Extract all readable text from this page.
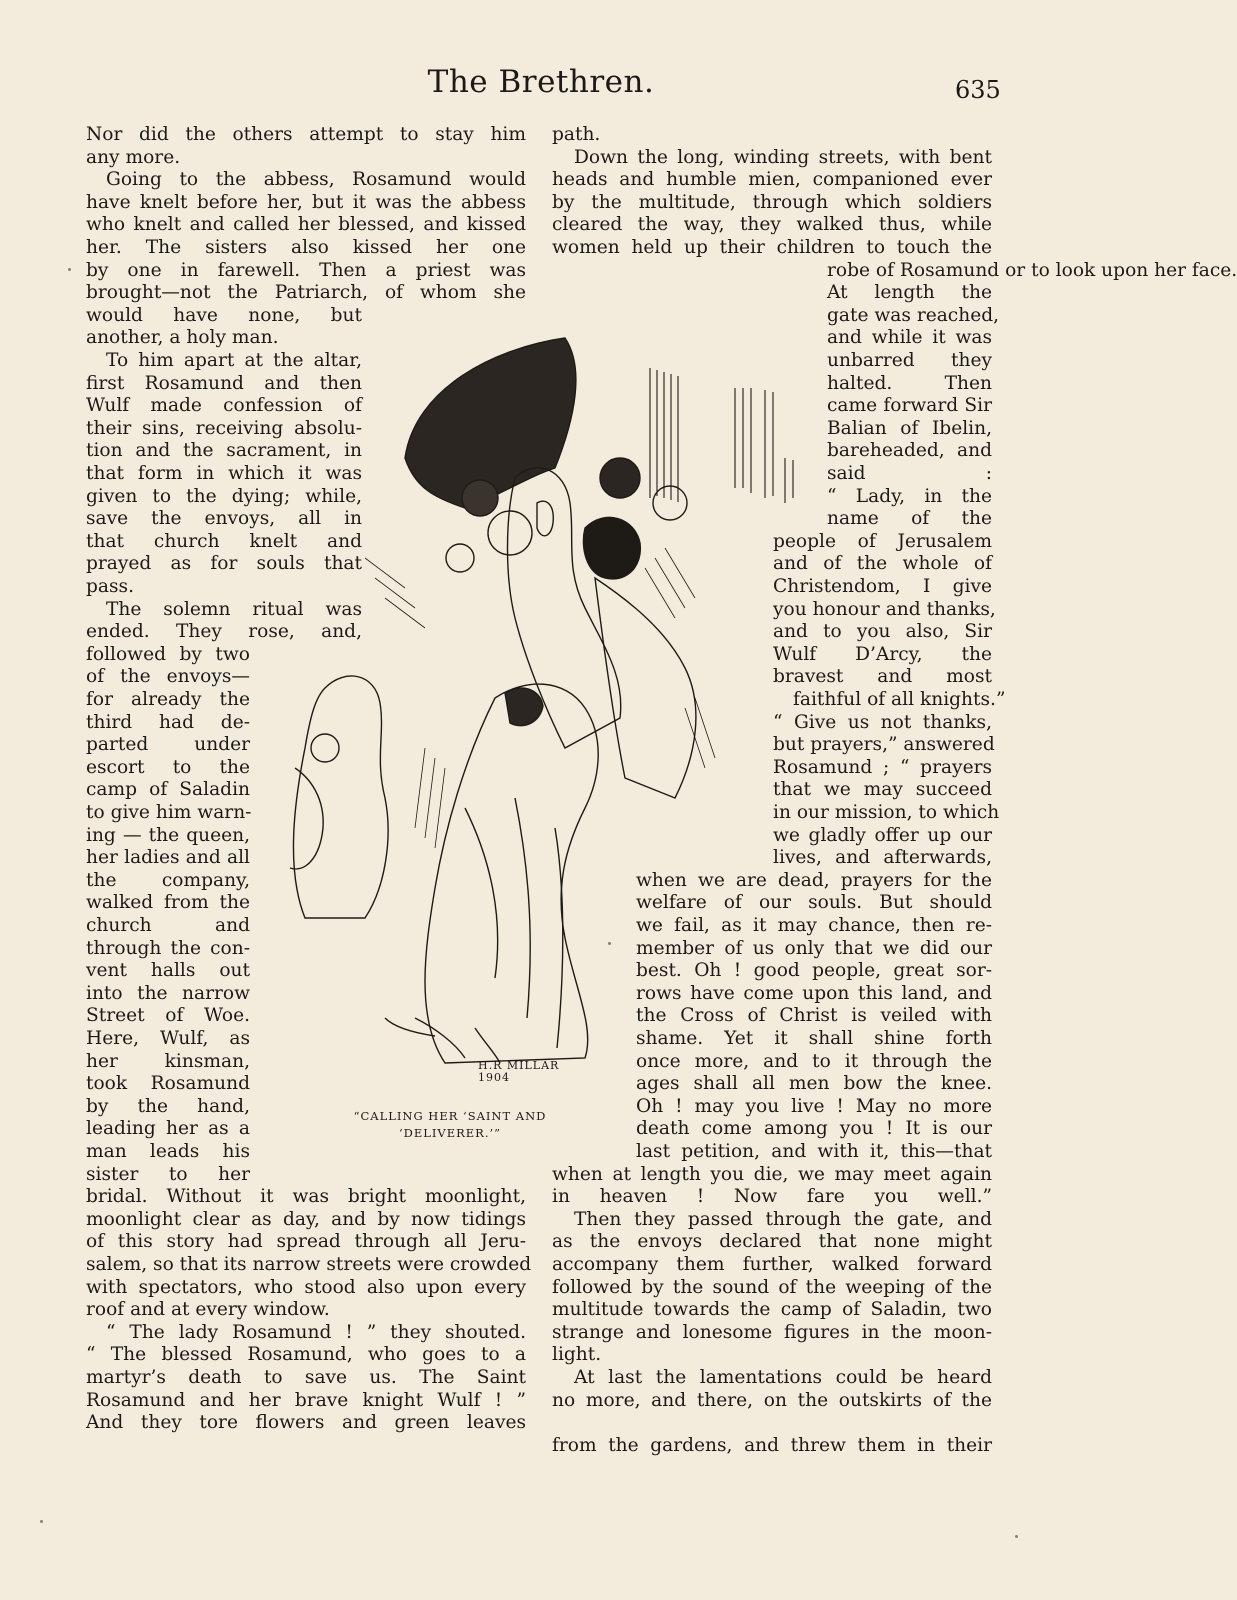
The Brethren.	635
Nor did the others attempt to stay him
any more.
Going to the abbess, Rosamund would
have knelt before her, but it was the abbess
who knelt and called her blessed, and kissed
her. The sisters also kissed her one
by one in farewell. Then a priest was
brought—not the Patriarch, of whom she
would have none, but
another, a holy man.
To him apart at the altar,
first Rosamund and then
Wulf made confession of
their sins, receiving absolu-
tion and the sacrament, in
that form in which it was
given to the dying; while,
save the envoys, all in
that church knelt and
prayed as for souls that
pass.
The solemn ritual was
ended. They rose, and,
followed by two
of the envoys—
for already the
third had de-
parted under
escort to the
camp of Saladin
to give him warn-
ing — the queen,
her ladies and all
the company,
walked from the
church and
through the con-
vent halls out
into the narrow
Street of Woe.
Here, Wulf, as
her kinsman,
took Rosamund
by the hand,
leading her as a
man leads his
sister to her
bridal. Without it was bright moonlight,
moonlight clear as day, and by now tidings
of this story had spread through all Jeru-
salem, so that its narrow streets were crowded
with spectators, who stood also upon every
roof and at every window.
“ The lady Rosamund ! ” they shouted.
“ The blessed Rosamund, who goes to a
martyr’s death to save us. The Saint
Rosamund and her brave knight Wulf ! ”
And they tore flowers and green leaves
from the gardens, and threw them in their
path.
Down the long, winding streets, with bent
heads and humble mien, companioned ever
by the multitude, through which soldiers
cleared the way, they walked thus, while
women held up their children to touch the
robe of Rosamund or to look upon her face.
At length the
gate was reached,
and while it was
unbarred they
halted. Then
came forward Sir
Balian of Ibelin,
bareheaded, and
said :
“ Lady, in the
name of the
people of Jerusalem
and of the whole of
Christendom, I give
you honour and thanks,
and to you also, Sir
Wulf D’Arcy, the
bravest and most
faithful of all knights.”
“ Give us not thanks,
but prayers,” answered
Rosamund ; “ prayers
that we may succeed
in our mission, to which
we gladly offer up our
lives, and afterwards,
when we are dead, prayers for the
welfare of our souls. But should
we fail, as it may chance, then re-
member of us only that we did our
best. Oh ! good people, great sor-
rows have come upon this land, and
the Cross of Christ is veiled with
shame. Yet it shall shine forth
once more, and to it through the
ages shall all men bow the knee.
Oh ! may you live ! May no more
death come among you ! It is our
last petition, and with it, this—that
when at length you die, we may meet again
in heaven ! Now fare you well.”
Then they passed through the gate, and
as the envoys declared that none might
accompany them further, walked forward
followed by the sound of the weeping of the
multitude towards the camp of Saladin, two
strange and lonesome figures in the moon-
light.
At last the lamentations could be heard
no more, and there, on the outskirts of the
H.R MILLAR
1904
“CALLING HER ‘SAINT AND
‘DELIVERER.’”
